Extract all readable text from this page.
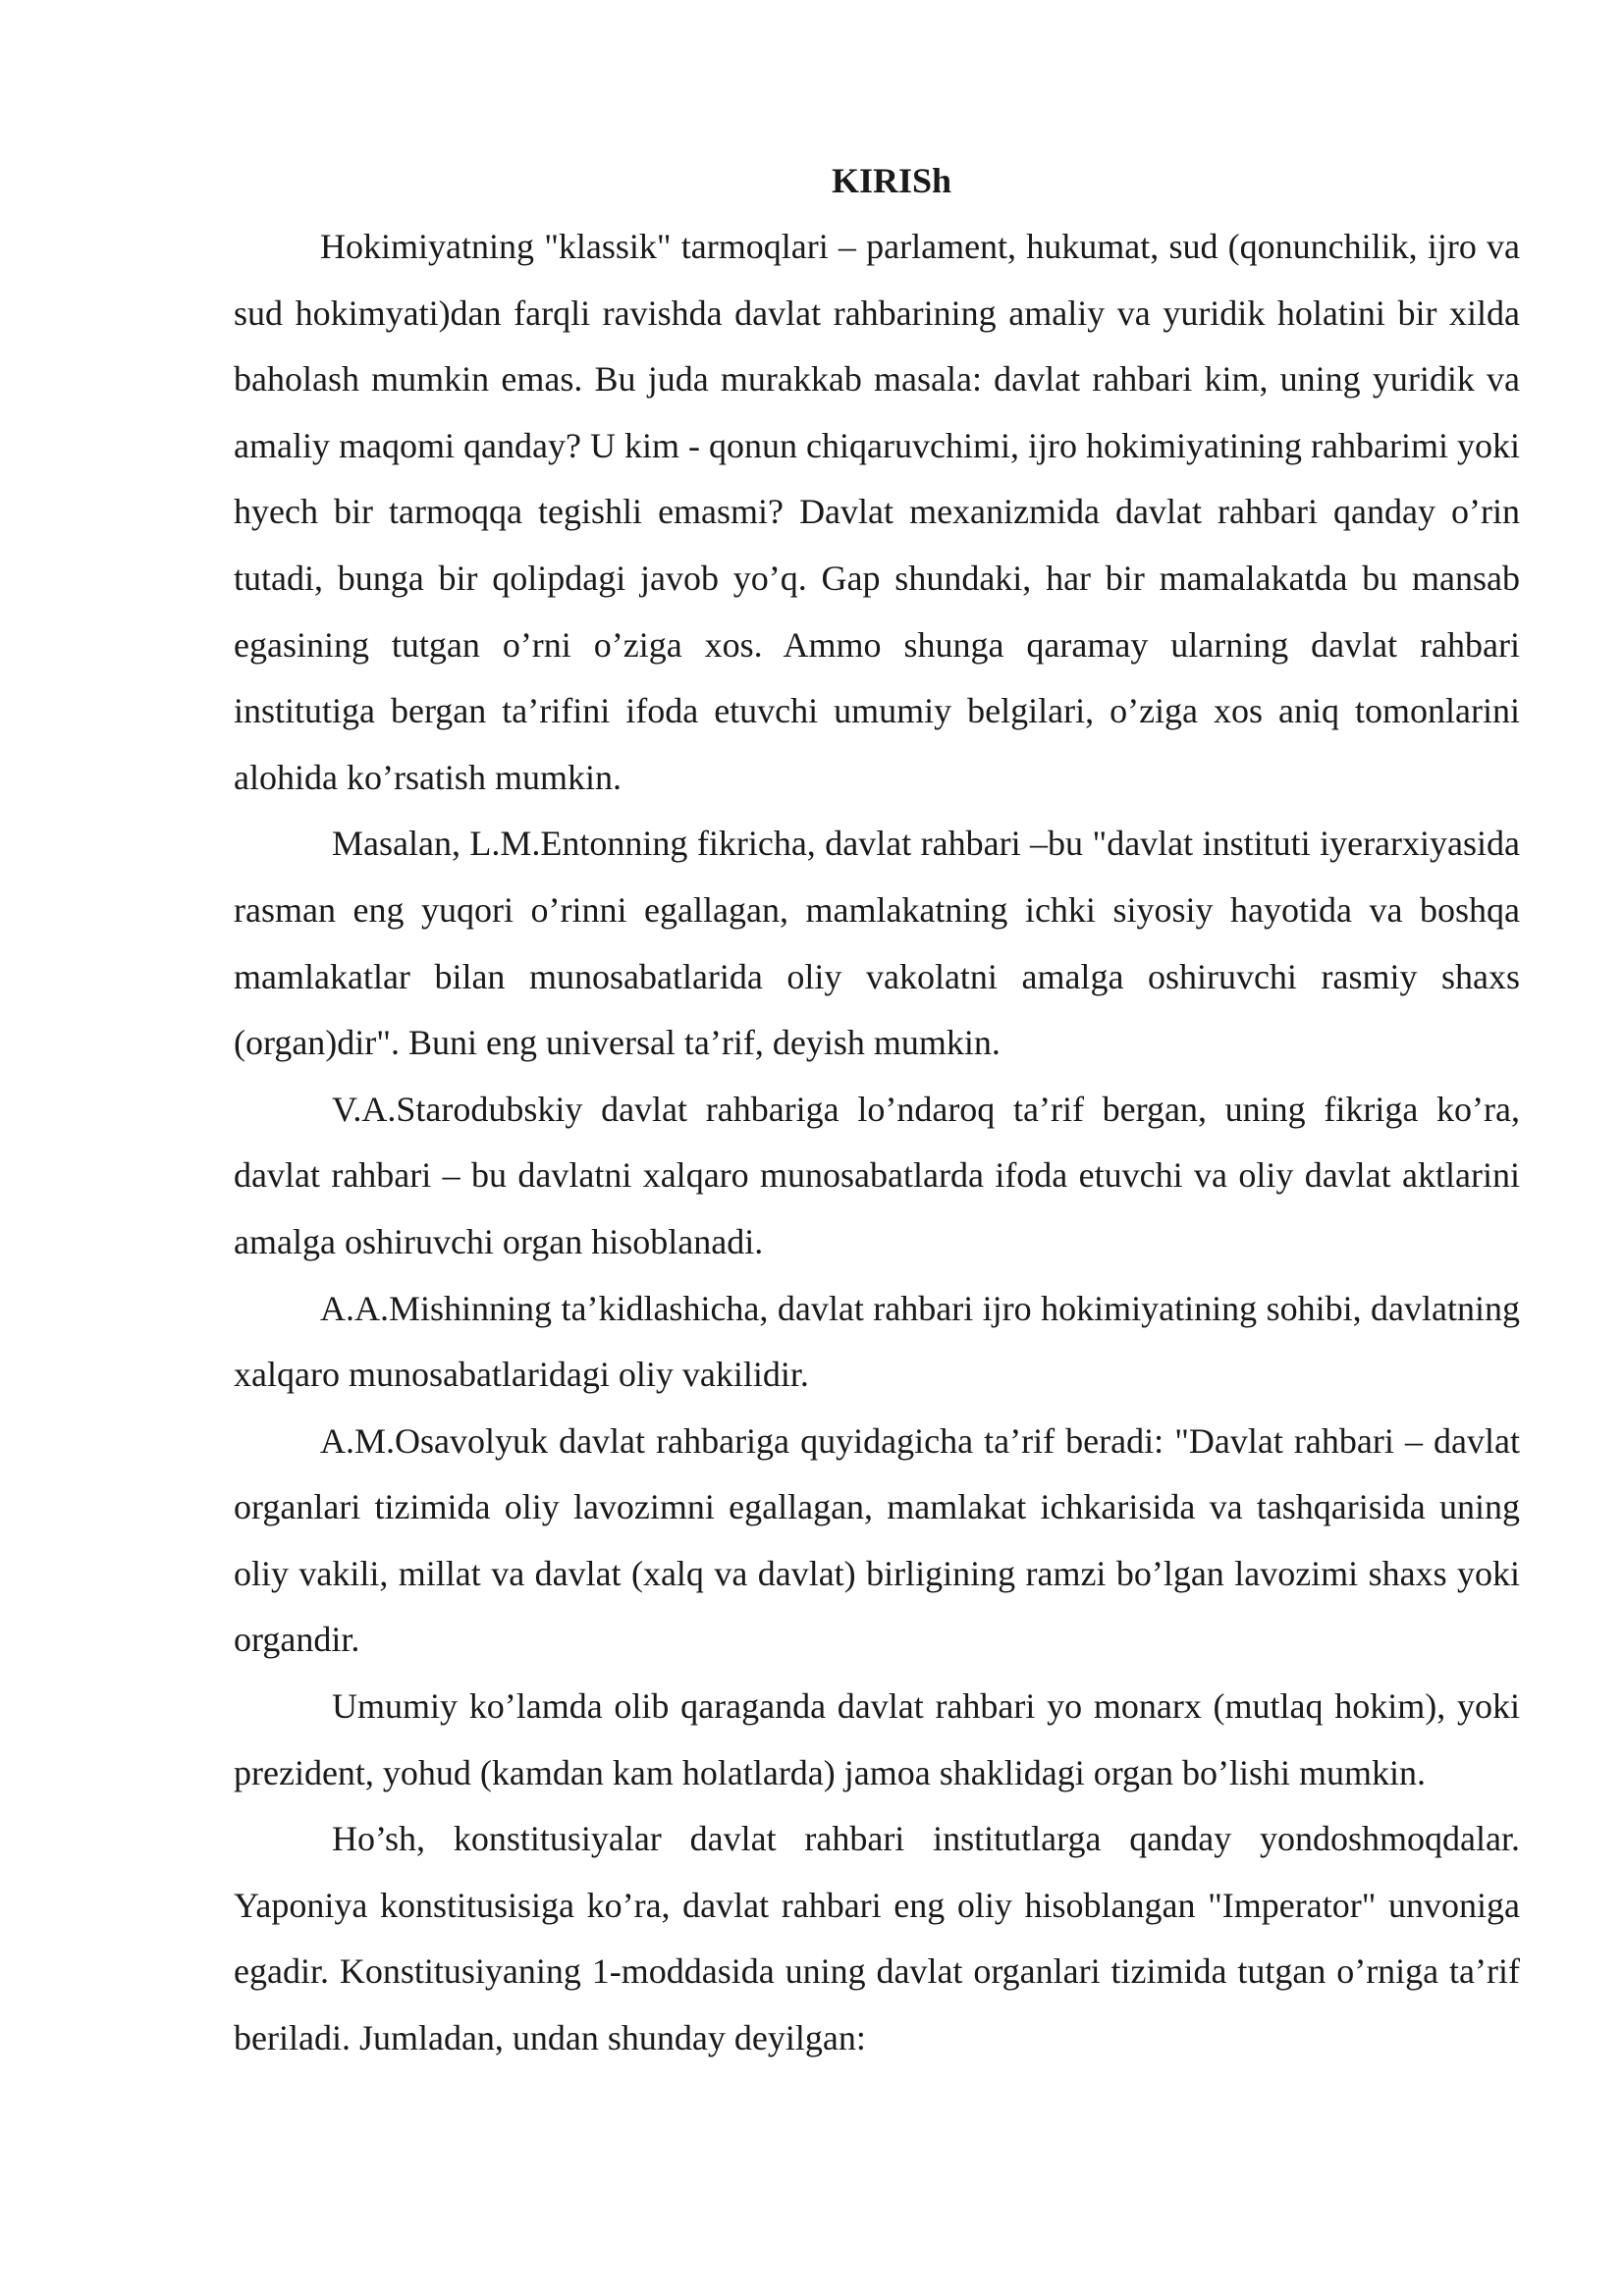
KIRISh

Hokimiyatning "klassik" tarmoqlari – parlament, hukumat, sud (qonunchilik, ijro va sud hokimyati)dan farqli ravishda davlat rahbarining amaliy va yuridik holatini bir xilda baholash mumkin emas. Bu juda murakkab masala: davlat rahbari kim, uning yuridik va amaliy maqomi qanday? U kim - qonun chiqaruvchimi, ijro hokimiyatining rahbarimi yoki hyech bir tarmoqqa tegishli emasmi? Davlat mexanizmida davlat rahbari qanday o’rin tutadi, bunga bir qolipdagi javob yo’q. Gap shundaki, har bir mamalakatda bu mansab egasining tutgan o’rni o’ziga xos. Ammo shunga qaramay ularning davlat rahbari institutiga bergan ta’rifini ifoda etuvchi umumiy belgilari, o’ziga xos aniq tomonlarini alohida ko’rsatish mumkin.

Masalan, L.M.Entonning fikricha, davlat rahbari –bu "davlat instituti iyerarxiyasida rasman eng yuqori o’rinni egallagan, mamlakatning ichki siyosiy hayotida va boshqa mamlakatlar bilan munosabatlarida oliy vakolatni amalga oshiruvchi rasmiy shaxs (organ)dir". Buni eng universal ta’rif, deyish mumkin.

V.A.Starodubskiy davlat rahbariga lo’ndaroq ta’rif bergan, uning fikriga ko’ra, davlat rahbari – bu davlatni xalqaro munosabatlarda ifoda etuvchi va oliy davlat aktlarini amalga oshiruvchi organ hisoblanadi.

A.A.Mishinning ta’kidlashicha, davlat rahbari ijro hokimiyatining sohibi, davlatning xalqaro munosabatlaridagi oliy vakilidir.

A.M.Osavolyuk davlat rahbariga quyidagicha ta’rif beradi: "Davlat rahbari – davlat organlari tizimida oliy lavozimni egallagan, mamlakat ichkarisida va tashqarisida uning oliy vakili, millat va davlat (xalq va davlat) birligining ramzi bo’lgan lavozimi shaxs yoki organdir.

Umumiy ko’lamda olib qaraganda davlat rahbari yo monarx (mutlaq hokim), yoki prezident, yohud (kamdan kam holatlarda) jamoa shaklidagi organ bo’lishi mumkin.

Ho’sh, konstitusiyalar davlat rahbari institutlarga qanday yondoshmoqdalar. Yaponiya konstitusisiga ko’ra, davlat rahbari eng oliy hisoblangan "Imperator" unvoniga egadir. Konstitusiyaning 1-moddasida uning davlat organlari tizimida tutgan o’rniga ta’rif beriladi. Jumladan, undan shunday deyilgan:
